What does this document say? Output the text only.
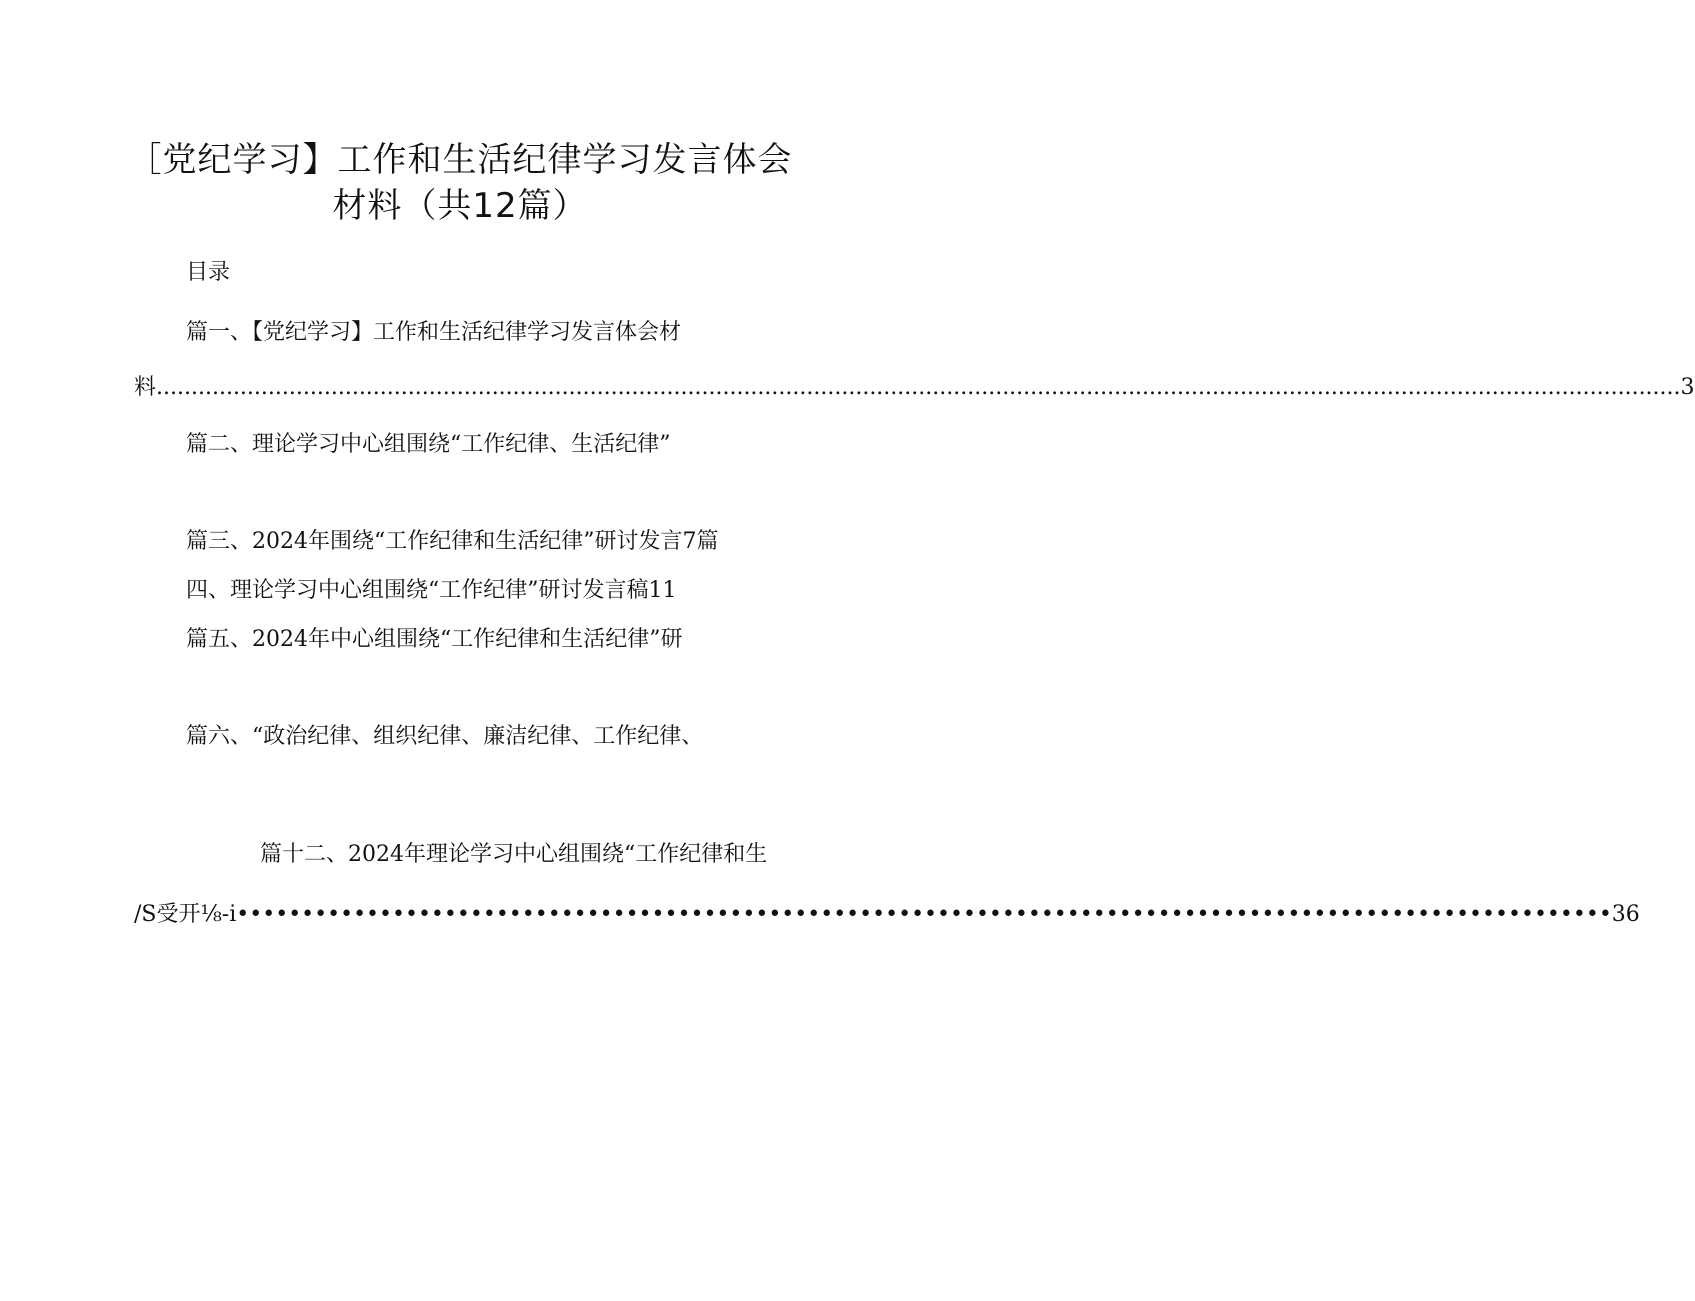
［党纪学习】工作和生活纪律学习发言体会
材料（共12篇）
目录
篇一、【党纪学习】工作和生活纪律学习发言体会材
料 .......................................................................................................................................................................................................................... 3
篇二、理论学习中心组围绕“工作纪律、生活纪律”
篇三、2024年围绕“工作纪律和生活纪律”研讨发言7篇
四、理论学习中心组围绕“工作纪律”研讨发言稿11
篇五、2024年中心组围绕“工作纪律和生活纪律”研
篇六、“政治纪律、组织纪律、廉洁纪律、工作纪律、
篇十二、2024年理论学习中心组围绕“工作纪律和生
/S受开⅛-i •••••••••••••••••••••••••••••••••••••••••••••••••••••••••••••••••••••••••••••••••••••••••••••••••••••••••• 36
